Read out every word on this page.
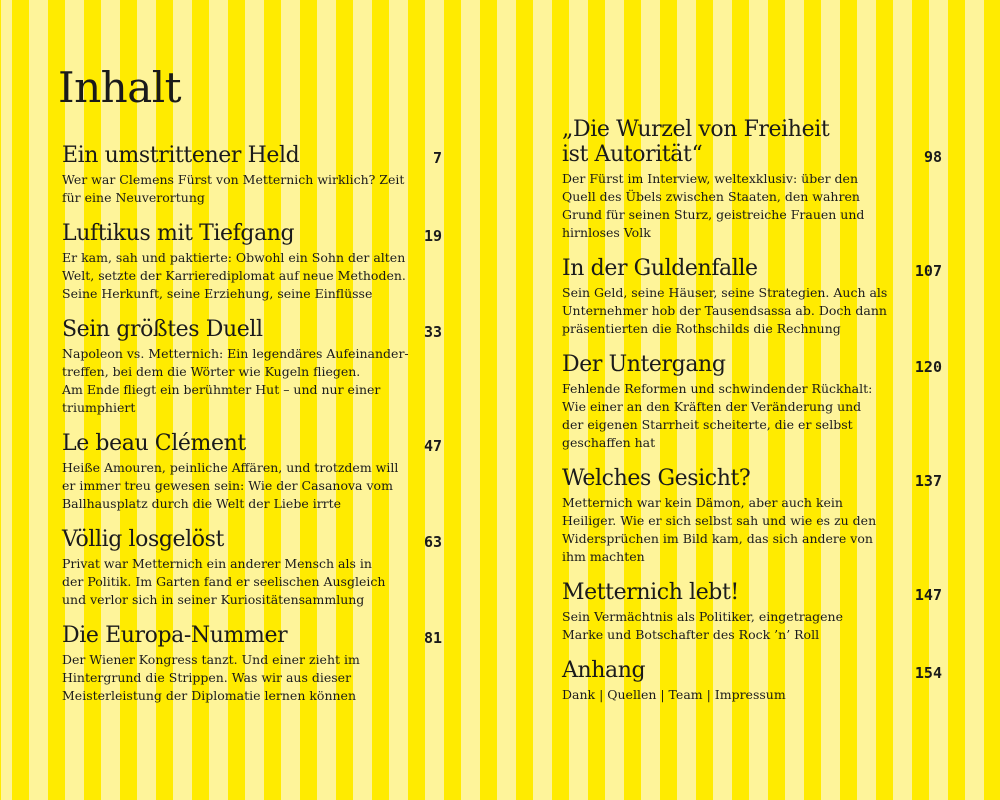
Inhalt
Ein umstrittener Held	7
Wer war Clemens Fürst von Metternich wirklich? Zeit
für eine Neuverortung
Luftikus mit Tiefgang	19
Er kam, sah und paktierte: Obwohl ein Sohn der alten
Welt, setzte der Karrierediplomat auf neue Methoden.
Seine Herkunft, seine Erziehung, seine Einflüsse
Sein größtes Duell	33
Napoleon vs. Metternich: Ein legendäres Aufeinander-
treffen, bei dem die Wörter wie Kugeln fliegen.
Am Ende fliegt ein berühmter Hut – und nur einer
triumphiert
Le beau Clément	47
Heiße Amouren, peinliche Affären, und trotzdem will
er immer treu gewesen sein: Wie der Casanova vom
Ballhausplatz durch die Welt der Liebe irrte
Völlig losgelöst	63
Privat war Metternich ein anderer Mensch als in
der Politik. Im Garten fand er seelischen Ausgleich
und verlor sich in seiner Kuriositätensammlung
Die Europa-Nummer	81
Der Wiener Kongress tanzt. Und einer zieht im
Hintergrund die Strippen. Was wir aus dieser
Meisterleistung der Diplomatie lernen können
„Die Wurzel von Freiheit
ist Autorität“	98
Der Fürst im Interview, weltexklusiv: über den
Quell des Übels zwischen Staaten, den wahren
Grund für seinen Sturz, geistreiche Frauen und
hirnloses Volk
In der Guldenfalle	107
Sein Geld, seine Häuser, seine Strategien. Auch als
Unternehmer hob der Tausendsassa ab. Doch dann
präsentierten die Rothschilds die Rechnung
Der Untergang	120
Fehlende Reformen und schwindender Rückhalt:
Wie einer an den Kräften der Veränderung und
der eigenen Starrheit scheiterte, die er selbst
geschaffen hat
Welches Gesicht?	137
Metternich war kein Dämon, aber auch kein
Heiliger. Wie er sich selbst sah und wie es zu den
Widersprüchen im Bild kam, das sich andere von
ihm machten
Metternich lebt!	147
Sein Vermächtnis als Politiker, eingetragene
Marke und Botschafter des Rock ’n’ Roll
Anhang	154
Dank | Quellen | Team | Impressum
